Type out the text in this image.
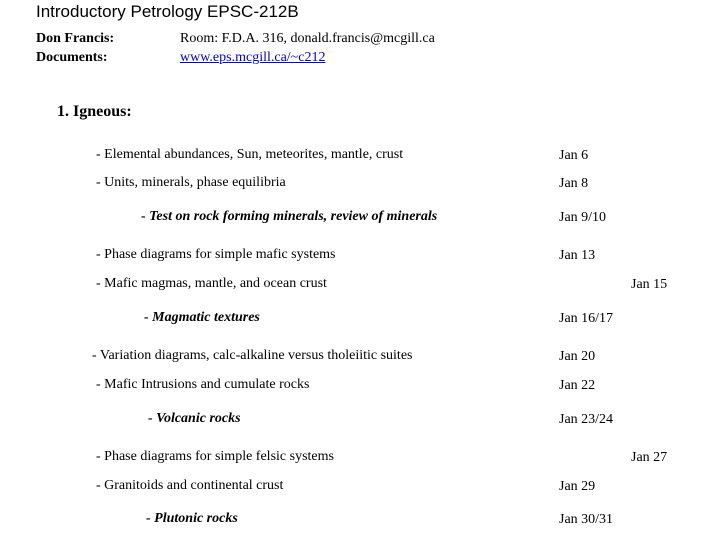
Introductory Petrology EPSC-212B
Don Francis:	Room: F.D.A. 316, donald.francis@mcgill.ca
Documents:	www.eps.mcgill.ca/~c212
1. Igneous:
- Elemental abundances, Sun, meteorites, mantle, crust	Jan 6
- Units, minerals, phase equilibria	Jan 8
- Test on rock forming minerals, review of minerals	Jan 9/10
- Phase diagrams for simple mafic systems	Jan 13
- Mafic magmas, mantle, and ocean crust	Jan 15
- Magmatic textures	Jan 16/17
- Variation diagrams, calc-alkaline versus tholeiitic suites	Jan 20
- Mafic Intrusions and cumulate rocks	Jan 22
- Volcanic rocks	Jan 23/24
- Phase diagrams for simple felsic systems	Jan 27
- Granitoids and continental crust	Jan 29
- Plutonic rocks	Jan 30/31
